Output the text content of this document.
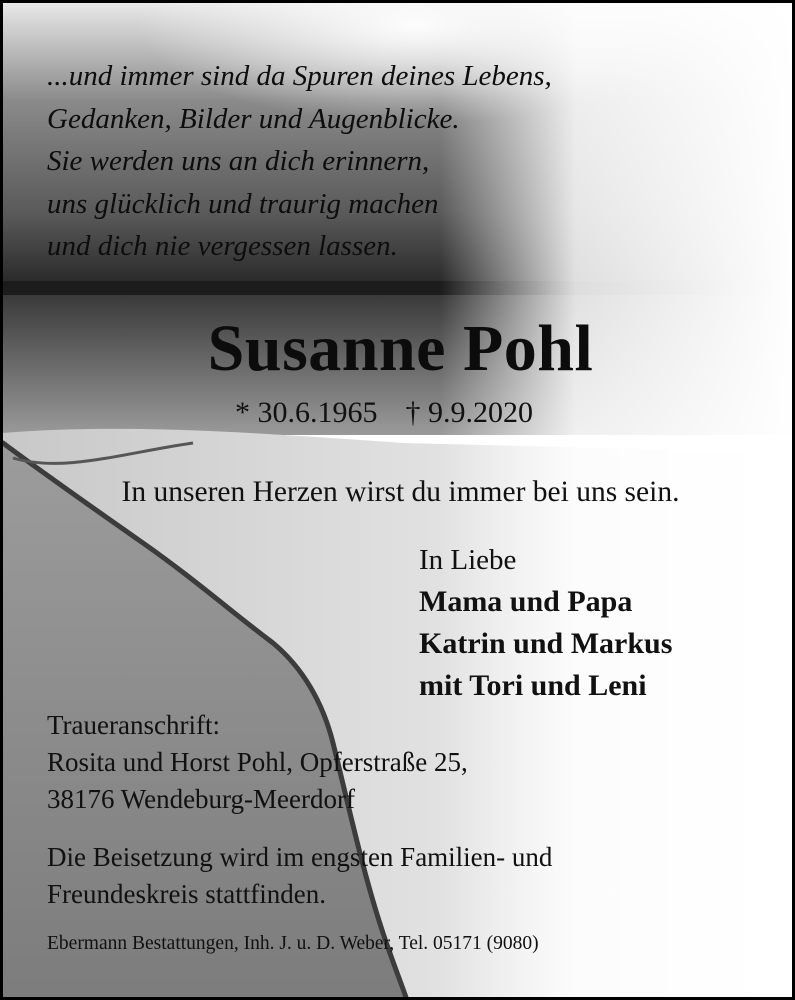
...und immer sind da Spuren deines Lebens,
Gedanken, Bilder und Augenblicke.
Sie werden uns an dich erinnern,
uns glücklich und traurig machen
und dich nie vergessen lassen.
Susanne Pohl
* 30.6.1965 † 9.9.2020
In unseren Herzen wirst du immer bei uns sein.
In Liebe
Mama und Papa
Katrin und Markus
mit Tori und Leni
Traueranschrift:
Rosita und Horst Pohl, Opferstraße 25,
38176 Wendeburg-Meerdorf
Die Beisetzung wird im engsten Familien- und
Freundeskreis stattfinden.
Ebermann Bestattungen, Inh. J. u. D. Weber, Tel. 05171 (9080)
